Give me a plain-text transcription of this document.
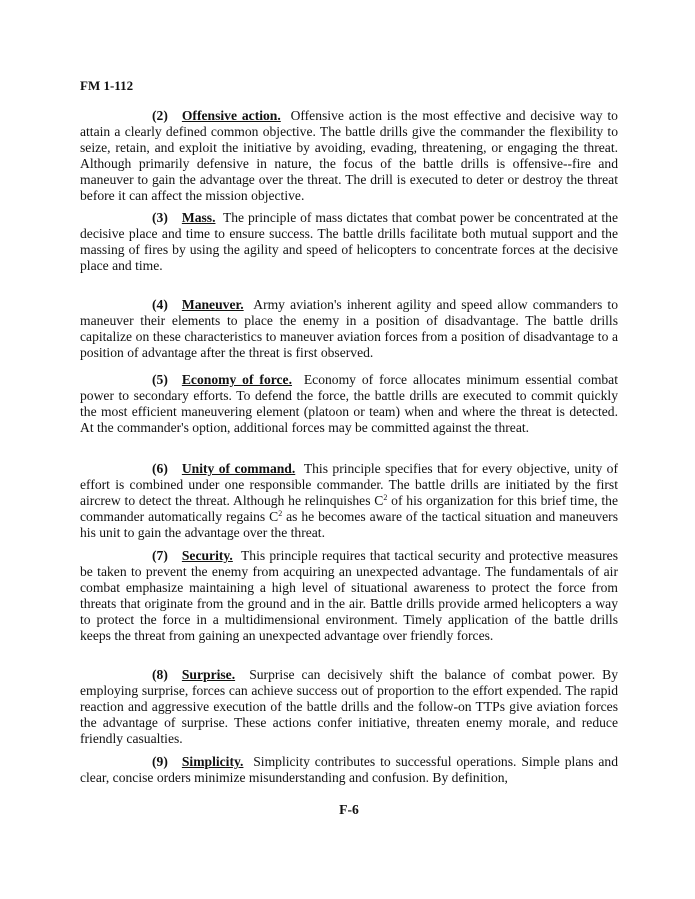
FM 1-112

(2) Offensive action. Offensive action is the most effective and decisive way to attain a clearly defined common objective. The battle drills give the commander the flexibility to seize, retain, and exploit the initiative by avoiding, evading, threatening, or engaging the threat. Although primarily defensive in nature, the focus of the battle drills is offensive--fire and maneuver to gain the advantage over the threat. The drill is executed to deter or destroy the threat before it can affect the mission objective.

(3) Mass. The principle of mass dictates that combat power be concentrated at the decisive place and time to ensure success. The battle drills facilitate both mutual support and the massing of fires by using the agility and speed of helicopters to concentrate forces at the decisive place and time.

(4) Maneuver. Army aviation's inherent agility and speed allow commanders to maneuver their elements to place the enemy in a position of disadvantage. The battle drills capitalize on these characteristics to maneuver aviation forces from a position of disadvantage to a position of advantage after the threat is first observed.

(5) Economy of force. Economy of force allocates minimum essential combat power to secondary efforts. To defend the force, the battle drills are executed to commit quickly the most efficient maneuvering element (platoon or team) when and where the threat is detected. At the commander's option, additional forces may be committed against the threat.

(6) Unity of command. This principle specifies that for every objective, unity of effort is combined under one responsible commander. The battle drills are initiated by the first aircrew to detect the threat. Although he relinquishes $C^2$ of his organization for this brief time, the commander automatically regains $C^2$ as he becomes aware of the tactical situation and maneuvers his unit to gain the advantage over the threat.

(7) Security. This principle requires that tactical security and protective measures be taken to prevent the enemy from acquiring an unexpected advantage. The fundamentals of air combat emphasize maintaining a high level of situational awareness to protect the force from threats that originate from the ground and in the air. Battle drills provide armed helicopters a way to protect the force in a multidimensional environment. Timely application of the battle drills keeps the threat from gaining an unexpected advantage over friendly forces.

(8) Surprise. Surprise can decisively shift the balance of combat power. By employing surprise, forces can achieve success out of proportion to the effort expended. The rapid reaction and aggressive execution of the battle drills and the follow-on TTPs give aviation forces the advantage of surprise. These actions confer initiative, threaten enemy morale, and reduce friendly casualties.

(9) Simplicity. Simplicity contributes to successful operations. Simple plans and clear, concise orders minimize misunderstanding and confusion. By definition,

F-6
